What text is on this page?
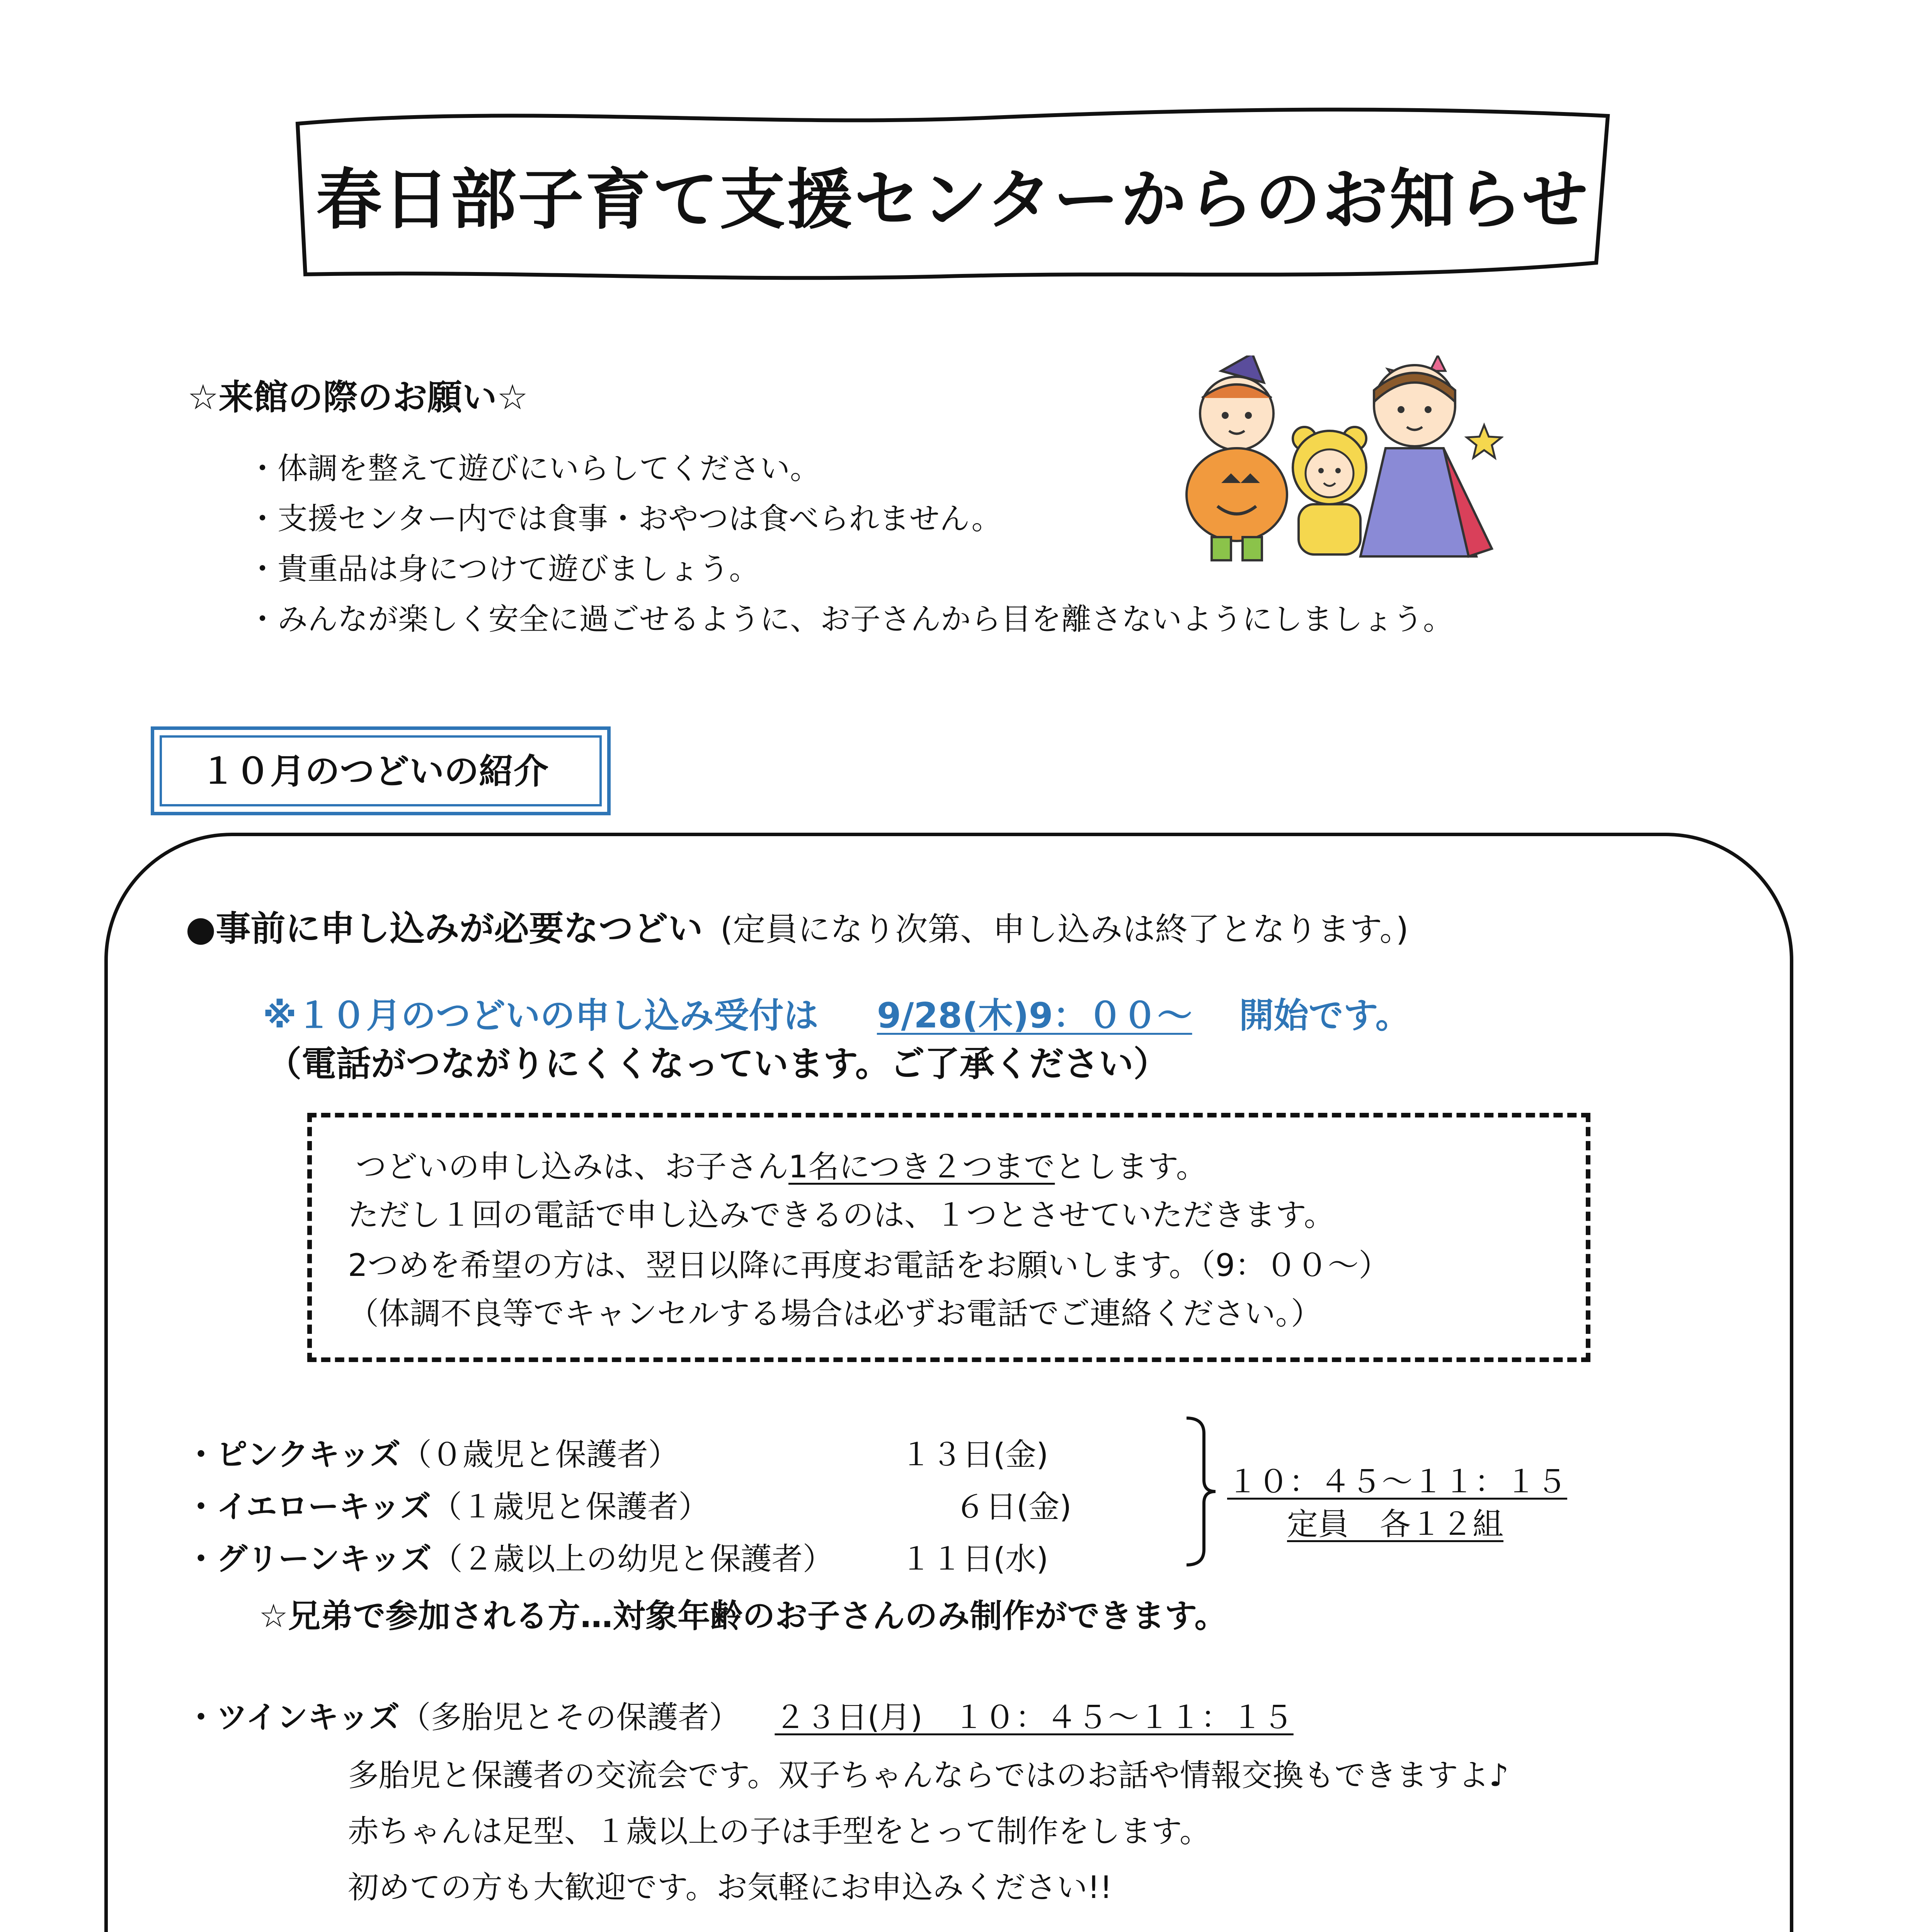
春日部子育て支援センターからのお知らせ
☆来館の際のお願い☆
・体調を整えて遊びにいらしてください。
・支援センター内では食事・おやつは食べられません。
・貴重品は身につけて遊びましょう。
・みんなが楽しく安全に過ごせるように、お子さんから目を離さないようにしましょう。
１０月のつどいの紹介
●事前に申し込みが必要なつどい (定員になり次第、申し込みは終了となります。)
※１０月のつどいの申し込み受付は 9/28(木)9：００～ 開始です。
（電話がつながりにくくなっています。ご了承ください）
つどいの申し込みは、お子さん1名につき２つまでとします。
ただし１回の電話で申し込みできるのは、１つとさせていただきます。
2つめを希望の方は、翌日以降に再度お電話をお願いします。（9：００～）
（体調不良等でキャンセルする場合は必ずお電話でご連絡ください。）
・ピンクキッズ（０歳児と保護者）	１３日(金)
・イエローキッズ（１歳児と保護者）	６日(金)
・グリーンキッズ（２歳以上の幼児と保護者） １１日(水)
１０：４５～１１：１５
定員　各１２組
☆兄弟で参加される方…対象年齢のお子さんのみ制作ができます。
・ツインキッズ（多胎児とその保護者） ２３日(月)　１０：４５～１１：１５
多胎児と保護者の交流会です。双子ちゃんならではのお話や情報交換もできますよ♪
赤ちゃんは足型、１歳以上の子は手型をとって制作をします。
初めての方も大歓迎です。お気軽にお申込みください!!
